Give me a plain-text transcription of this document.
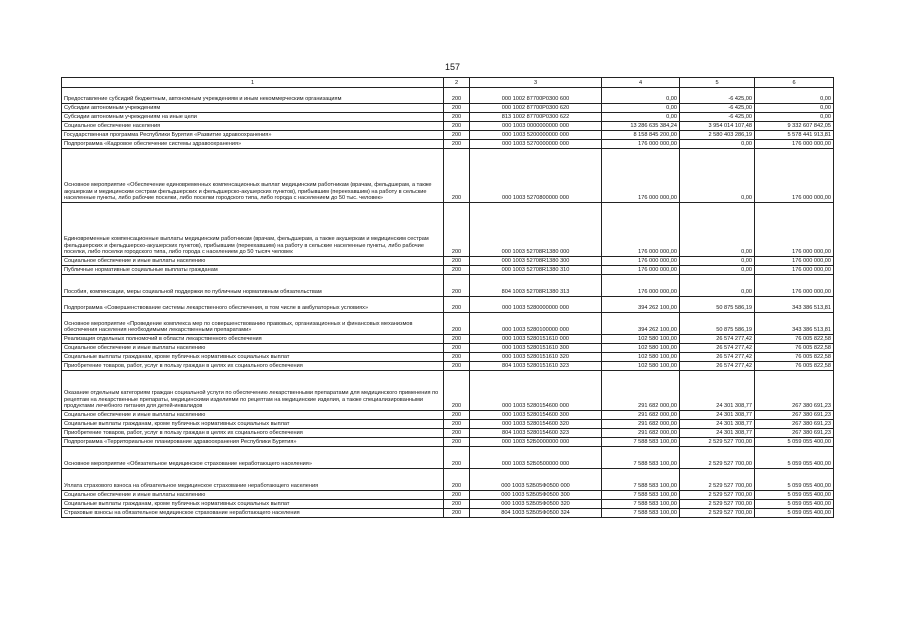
157
1	2	3	4	5	6
Предоставление субсидий бюджетным, автономным учреждениям и иным некоммерческим организациям	200	000 1002 87700Р0300 600	0,00	-6 425,00	0,00
Субсидии автономным учреждениям	200	000 1002 87700Р0300 620	0,00	-6 425,00	0,00
Субсидии автономным учреждениям на иные цели	200	813 1002 87700Р0300 622	0,00	-6 425,00	0,00
Социальное обеспечение населения	200	000 1003 0000000000 000	13 286 635 384,24	3 954 014 107,48	9 332 607 842,05
Государственная программа Республики Бурятия «Развитие здравоохранения»	200	000 1003 5200000000 000	8 158 845 200,00	2 580 403 286,19	5 578 441 913,81
Подпрограмма «Кадровое обеспечение системы здравоохранения»	200	000 1003 5270000000 000	176 000 000,00	0,00	176 000 000,00
Основное мероприятие «Обеспечение единовременных компенсационных выплат медицинским работникам (врачам, фельдшерам, а также акушеркам и медицинским сестрам фельдшерских и фельдшерско-акушерских пунктов), прибывшим (переехавшим) на работу в сельские населенные пункты, либо рабочие поселки, либо поселки городского типа, либо города с населением до 50 тыс. человек»	200	000 1003 5270800000 000	176 000 000,00	0,00	176 000 000,00
Единовременные компенсационные выплаты медицинским работникам (врачам, фельдшерам, а также акушеркам и медицинским сестрам фельдшерских и фельдшерско-акушерских пунктов), прибывшим (переехавшим) на работу в сельские населенные пункты, либо рабочие поселки, либо поселки городского типа, либо города с населением до 50 тысяч человек	200	000 1003 52708R1380 000	176 000 000,00	0,00	176 000 000,00
Социальное обеспечение и иные выплаты населению	200	000 1003 52708R1380 300	176 000 000,00	0,00	176 000 000,00
Публичные нормативные социальные выплаты гражданам	200	000 1003 52708R1380 310	176 000 000,00	0,00	176 000 000,00
Пособия, компенсации, меры социальной поддержки по публичным нормативным обязательствам	200	804 1003 52708R1380 313	176 000 000,00	0,00	176 000 000,00
Подпрограмма «Совершенствование системы лекарственного обеспечения, в том числе в амбулаторных условиях»	200	000 1003 5280000000 000	394 262 100,00	50 875 586,19	343 386 513,81
Основное мероприятие «Проведение комплекса мер по совершенствованию правовых, организационных и финансовых механизмов обеспечения населения необходимыми лекарственными препаратами»	200	000 1003 5280100000 000	394 262 100,00	50 875 586,19	343 386 513,81
Реализация отдельных полномочий в области лекарственного обеспечения	200	000 1003 5280151610 000	102 580 100,00	26 574 277,42	76 005 822,58
Социальное обеспечение и иные выплаты населению	200	000 1003 5280151610 300	102 580 100,00	26 574 277,42	76 005 822,58
Социальные выплаты гражданам, кроме публичных нормативных социальных выплат	200	000 1003 5280151610 320	102 580 100,00	26 574 277,42	76 005 822,58
Приобретение товаров, работ, услуг в пользу граждан в целях их социального обеспечения	200	804 1003 5280151610 323	102 580 100,00	26 574 277,42	76 005 822,58
Оказание отдельным категориям граждан социальной услуги по обеспечению лекарственными препаратами для медицинского применения по рецептам на лекарственные препараты, медицинскими изделиями по рецептам на медицинские изделия, а также специализированными продуктами лечебного питания для детей-инвалидов	200	000 1003 5280154600 000	291 682 000,00	24 301 308,77	267 380 691,23
Социальное обеспечение и иные выплаты населению	200	000 1003 5280154600 300	291 682 000,00	24 301 308,77	267 380 691,23
Социальные выплаты гражданам, кроме публичных нормативных социальных выплат	200	000 1003 5280154600 320	291 682 000,00	24 301 308,77	267 380 691,23
Приобретение товаров, работ, услуг в пользу граждан в целях их социального обеспечения	200	804 1003 5280154600 323	291 682 000,00	24 301 308,77	267 380 691,23
Подпрограмма «Территориальное планирование здравоохранения Республики Бурятия»	200	000 1003 52Б0000000 000	7 588 583 100,00	2 529 527 700,00	5 059 055 400,00
Основное мероприятие «Обязательное медицинское страхование неработающего населения»	200	000 1003 52Б0500000 000	7 588 583 100,00	2 529 527 700,00	5 059 055 400,00
Уплата страхового взноса на обязательное медицинское страхование неработающего населения	200	000 1003 52Б05Ф0500 000	7 588 583 100,00	2 529 527 700,00	5 059 055 400,00
Социальное обеспечение и иные выплаты населению	200	000 1003 52Б05Ф0500 300	7 588 583 100,00	2 529 527 700,00	5 059 055 400,00
Социальные выплаты гражданам, кроме публичных нормативных социальных выплат	200	000 1003 52Б05Ф0500 320	7 588 583 100,00	2 529 527 700,00	5 059 055 400,00
Страховые взносы на обязательное медицинское страхование неработающего населения	200	804 1003 52Б05Ф0500 324	7 588 583 100,00	2 529 527 700,00	5 059 055 400,00
